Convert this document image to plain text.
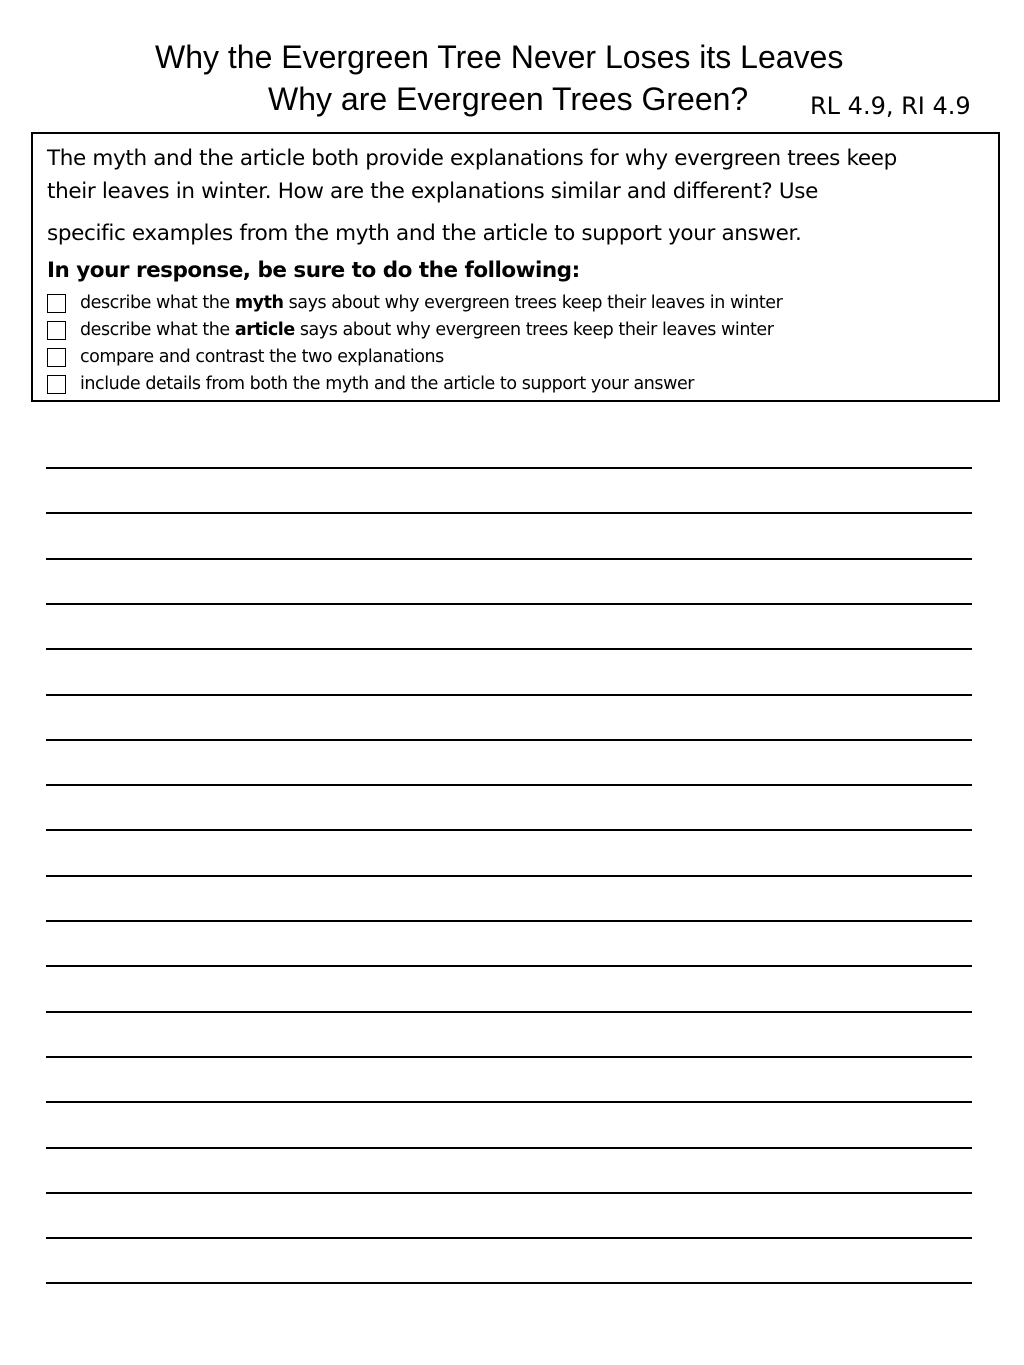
Why the Evergreen Tree Never Loses its Leaves
Why are Evergreen Trees Green?	RL 4.9, RI 4.9
The myth and the article both provide explanations for why evergreen trees keep
their leaves in winter. How are the explanations similar and different? Use
specific examples from the myth and the article to support your answer.
In your response, be sure to do the following:
describe what the myth says about why evergreen trees keep their leaves in winter
describe what the article says about why evergreen trees keep their leaves winter
compare and contrast the two explanations
include details from both the myth and the article to support your answer
